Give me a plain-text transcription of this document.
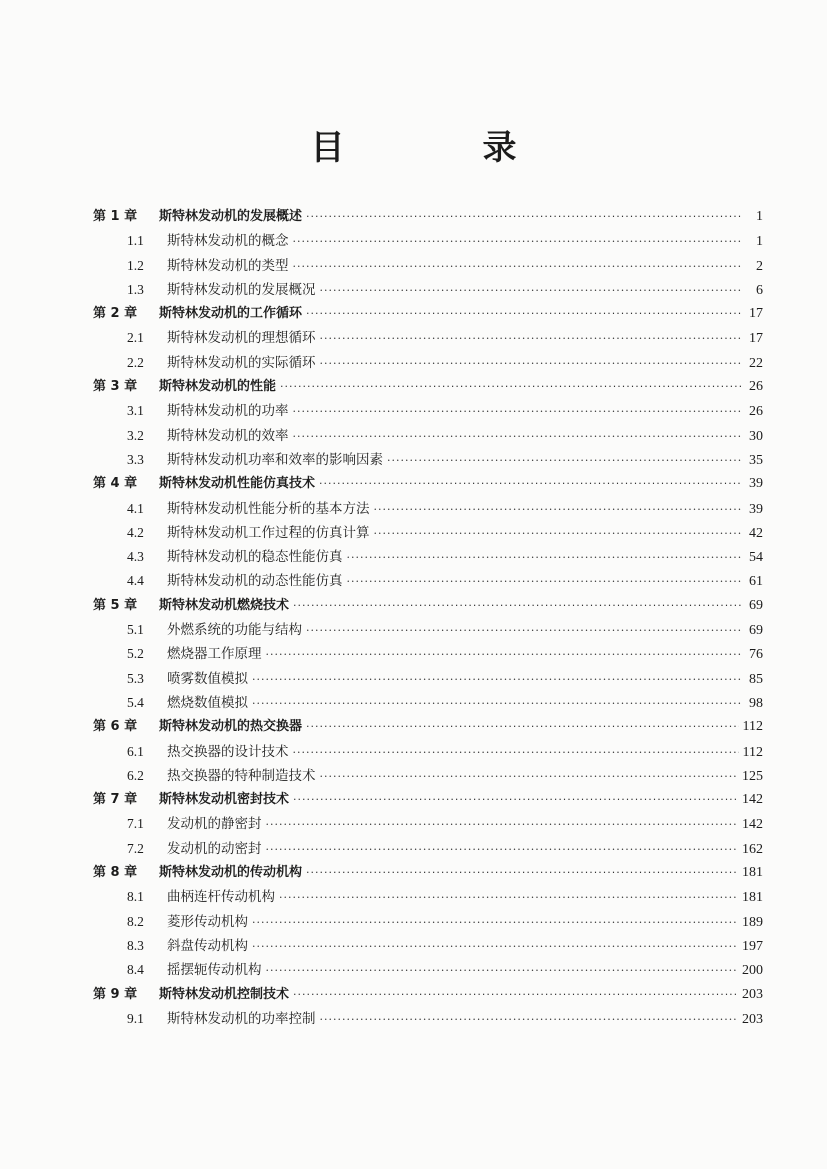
目　录
第 1 章	斯特林发动机的发展概述 ·····	1
1.1	斯特林发动机的概念 ·····	1
1.2	斯特林发动机的类型 ·····	2
1.3	斯特林发动机的发展概况 ·····	6
第 2 章	斯特林发动机的工作循环 ·····	17
2.1	斯特林发动机的理想循环 ·····	17
2.2	斯特林发动机的实际循环 ·····	22
第 3 章	斯特林发动机的性能 ·····	26
3.1	斯特林发动机的功率 ·····	26
3.2	斯特林发动机的效率 ·····	30
3.3	斯特林发动机功率和效率的影响因素 ·····	35
第 4 章	斯特林发动机性能仿真技术 ·····	39
4.1	斯特林发动机性能分析的基本方法 ·····	39
4.2	斯特林发动机工作过程的仿真计算 ·····	42
4.3	斯特林发动机的稳态性能仿真 ·····	54
4.4	斯特林发动机的动态性能仿真 ·····	61
第 5 章	斯特林发动机燃烧技术 ·····	69
5.1	外燃系统的功能与结构 ·····	69
5.2	燃烧器工作原理 ·····	76
5.3	喷雾数值模拟 ·····	85
5.4	燃烧数值模拟 ·····	98
第 6 章	斯特林发动机的热交换器 ·····	112
6.1	热交换器的设计技术 ·····	112
6.2	热交换器的特种制造技术 ·····	125
第 7 章	斯特林发动机密封技术 ·····	142
7.1	发动机的静密封 ·····	142
7.2	发动机的动密封 ·····	162
第 8 章	斯特林发动机的传动机构 ·····	181
8.1	曲柄连杆传动机构 ·····	181
8.2	菱形传动机构 ·····	189
8.3	斜盘传动机构 ·····	197
8.4	摇摆轭传动机构 ·····	200
第 9 章	斯特林发动机控制技术 ·····	203
9.1	斯特林发动机的功率控制 ·····	203
